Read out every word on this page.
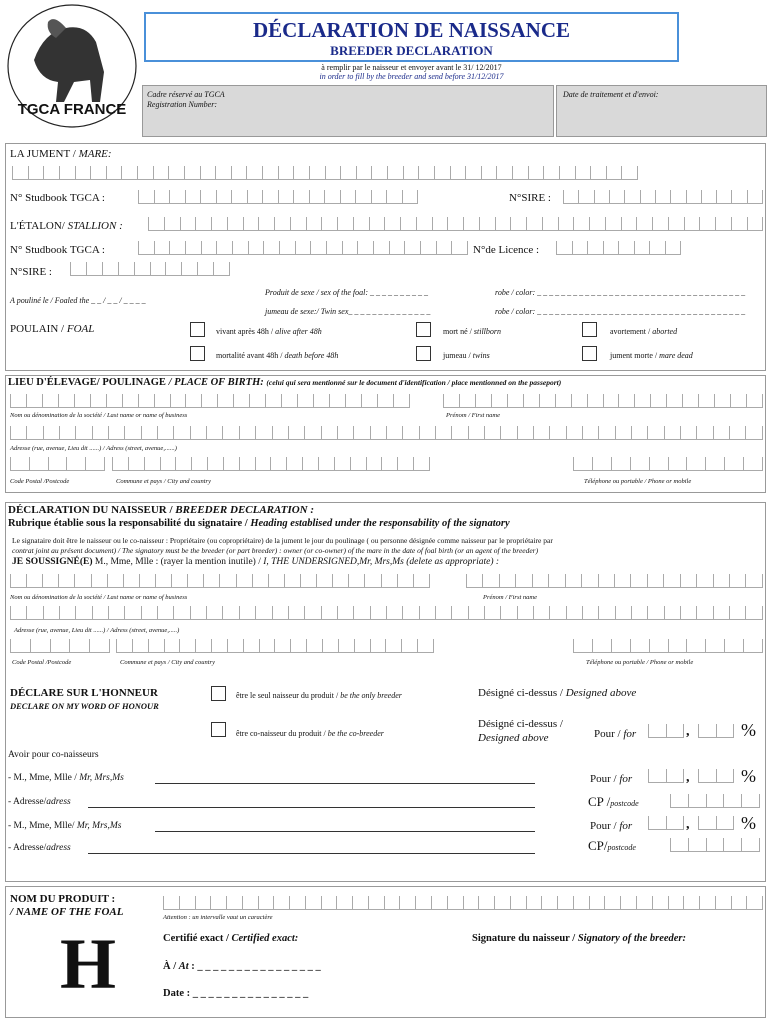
TGCA FRANCE
DÉCLARATION DE NAISSANCE
BREEDER DECLARATION
à remplir par le naisseur et envoyer avant le 31/ 12/2017
in order to fill by the breeder and send before 31/12/2017
Cadre réservé au TGCA
Registration Number:
Date de traitement et d'envoi:
LA JUMENT / MARE:
N° Studbook TGCA :	N°SIRE :
L'ÉTALON/ STALLION :
N° Studbook TGCA :	N°de Licence :
N°SIRE :
A pouliné le / Foaled the _ _ / _ _ / _ _ _ _
Produit de sexe / sex of the foal: _ _ _ _ _ _ _ _ _ _	robe / color: _ _ _ _ _ _ _ _ _ _ _ _ _ _ _ _ _ _ _ _ _ _ _ _ _ _ _ _ _ _ _ _ _ _ _
jumeau de sexe:/ Twin sex_ _ _ _ _ _ _ _ _ _ _ _ _ _	robe / color: _ _ _ _ _ _ _ _ _ _ _ _ _ _ _ _ _ _ _ _ _ _ _ _ _ _ _ _ _ _ _ _ _ _ _
POULAIN / FOAL	vivant après 48h / alive after 48h	mort né / stillborn	avortement / aborted
mortalité avant 48h / death before 48h	jumeau / twins	jument morte / mare dead
LIEU D'ÉLEVAGE/ POULINAGE / PLACE OF BIRTH: (celui qui sera mentionné sur le document d'identification / place mentionned on the passeport)
Nom ou dénomination de la société / Last name or name of business	Prénom / First name
Adresse (rue, avenue, Lieu dit ......) / Adress (street, avenue,......)
Code Postal /Postcode	Commune et pays / City and country	Téléphone ou portable / Phone or mobile
DÉCLARATION DU NAISSEUR / BREEDER DECLARATION :
Rubrique établie sous la responsabilité du signataire / Heading establised under the responsability of the signatory
Le signataire doit être le naisseur ou le co-naisseur : Propriétaire (ou copropriétaire) de la jument le jour du poulinage ( ou personne désignée comme naisseur par le propriétaire par
contrat joint au présent document) / The signatory must be the breeder (or part breeder) : owner (or co-owner) of the mare in the date of foal birth (or an agent of the breeder)
JE SOUSSIGNÉ(E) M., Mme, Mlle : (rayer la mention inutile) / I, THE UNDERSIGNED,Mr, Mrs,Ms (delete as appropriate) :
Nom ou dénomination de la société / Last name or name of business	Prénom / First name
Adresse (rue, avenue, Lieu dit ......) / Adress (street, avenue,.....)
Code Postal /Postcode	Commune et pays / City and country	Téléphone ou portable / Phone or mobile
DÉCLARE SUR L'HONNEUR
DECLARE ON MY WORD OF HONOUR
être le seul naisseur du produit / be the only breeder	Désigné ci-dessus / Designed above
être co-naisseur du produit / be the co-breeder
Désigné ci-dessus /
Designed above	Pour / for	,	%
Avoir pour co-naisseurs
- M., Mme, Mlle / Mr, Mrs,Ms	Pour / for	,	%
- Adresse/adress	CP /postcode
- M., Mme, Mlle/ Mr, Mrs,Ms	Pour / for	,	%
- Adresse/adress	CP/postcode
NOM DU PRODUIT :
/ NAME OF THE FOAL	Attention : un intervalle vaut un caractère
H	Certifié exact / Certified exact:	Signature du naisseur / Signatory of the breeder:
À / At : _ _ _ _ _ _ _ _ _ _ _ _ _ _ _ _
Date : _ _ _ _ _ _ _ _ _ _ _ _ _ _ _
